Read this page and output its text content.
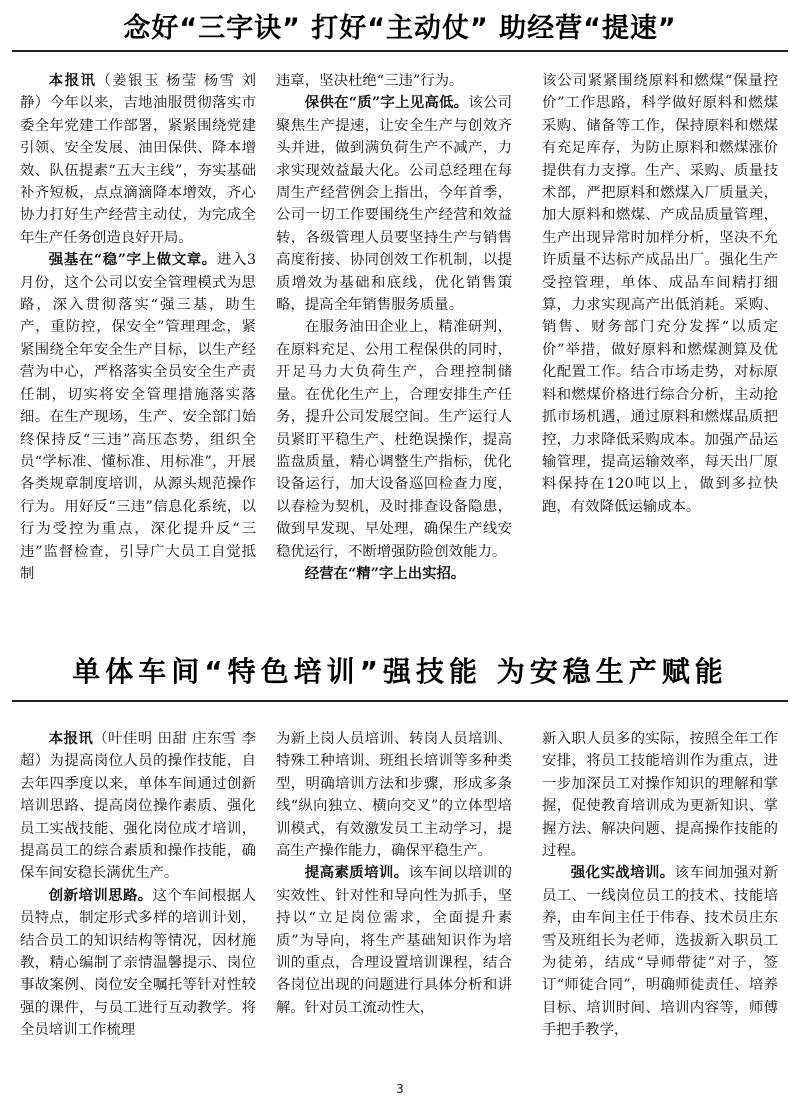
念好“三字诀” 打好“主动仗” 助经营“提速”

本报讯（姜银玉 杨莹 杨雪 刘静）今年以来，吉地油服贯彻落实市委全年党建工作部署，紧紧围绕党建引领、安全发展、油田保供、降本增效、队伍提素“五大主线”，夯实基础补齐短板，点点滴滴降本增效，齐心协力打好生产经营主动仗，为完成全年生产任务创造良好开局。

强基在“稳”字上做文章。进入3月份，这个公司以安全管理模式为思路，深入贯彻落实“强三基，助生产，重防控，保安全”管理理念，紧紧围绕全年安全生产目标，以生产经营为中心，严格落实全员安全生产责任制，切实将安全管理措施落实落细。在生产现场，生产、安全部门始终保持反“三违”高压态势，组织全员“学标准、懂标准、用标准”，开展各类规章制度培训，从源头规范操作行为。用好反“三违”信息化系统，以行为受控为重点，深化提升反“三违”监督检查，引导广大员工自觉抵制

违章，坚决杜绝“三违”行为。

保供在“质”字上见高低。该公司聚焦生产提速，让安全生产与创效齐头并进，做到满负荷生产不减产，力求实现效益最大化。公司总经理在每周生产经营例会上指出，今年首季，公司一切工作要围绕生产经营和效益转，各级管理人员要坚持生产与销售高度衔接、协同创效工作机制，以提质增效为基础和底线，优化销售策略，提高全年销售服务质量。

在服务油田企业上，精准研判，在原料充足、公用工程保供的同时，开足马力大负荷生产，合理控制储量。在优化生产上，合理安排生产任务，提升公司发展空间。生产运行人员紧盯平稳生产、杜绝误操作，提高监盘质量，精心调整生产指标，优化设备运行，加大设备巡回检查力度，以春检为契机，及时排查设备隐患，做到早发现、早处理，确保生产线安稳优运行，不断增强防险创效能力。

经营在“精”字上出实招。

该公司紧紧围绕原料和燃煤“保量控价”工作思路，科学做好原料和燃煤采购、储备等工作，保持原料和燃煤有充足库存，为防止原料和燃煤涨价提供有力支撑。生产、采购、质量技术部，严把原料和燃煤入厂质量关，加大原料和燃煤、产成品质量管理，生产出现异常时加样分析，坚决不允许质量不达标产成品出厂。强化生产受控管理，单体、成品车间精打细算，力求实现高产出低消耗。采购、销售、财务部门充分发挥“以质定价”举措，做好原料和燃煤测算及优化配置工作。结合市场走势，对标原料和燃煤价格进行综合分析，主动抢抓市场机遇，通过原料和燃煤品质把控，力求降低采购成本。加强产品运输管理，提高运输效率，每天出厂原料保持在120吨以上，做到多拉快跑，有效降低运输成本。

单体车间“特色培训”强技能 为安稳生产赋能

本报讯（叶佳明 田甜 庄东雪 李超）为提高岗位人员的操作技能，自去年四季度以来，单体车间通过创新培训思路、提高岗位操作素质、强化员工实战技能、强化岗位成才培训，提高员工的综合素质和操作技能，确保车间安稳长满优生产。

创新培训思路。这个车间根据人员特点，制定形式多样的培训计划，结合员工的知识结构等情况，因材施教，精心编制了亲情温馨提示、岗位事故案例、岗位安全嘱托等针对性较强的课件，与员工进行互动教学。将全员培训工作梳理

为新上岗人员培训、转岗人员培训、特殊工种培训、班组长培训等多种类型，明确培训方法和步骤，形成多条线“纵向独立、横向交叉”的立体型培训模式，有效激发员工主动学习，提高生产操作能力，确保平稳生产。

提高素质培训。该车间以培训的实效性、针对性和导向性为抓手，坚持以“立足岗位需求，全面提升素质”为导向，将生产基础知识作为培训的重点，合理设置培训课程，结合各岗位出现的问题进行具体分析和讲解。针对员工流动性大，

新入职人员多的实际，按照全年工作安排，将员工技能培训作为重点，进一步加深员工对操作知识的理解和掌握，促使教育培训成为更新知识、掌握方法、解决问题、提高操作技能的过程。

强化实战培训。该车间加强对新员工、一线岗位员工的技术、技能培养，由车间主任于伟春、技术员庄东雪及班组长为老师，选拔新入职员工为徒弟，结成“导师带徒”对子，签订“师徒合同”，明确师徒责任、培养目标、培训时间、培训内容等，师傅手把手教学，

3
